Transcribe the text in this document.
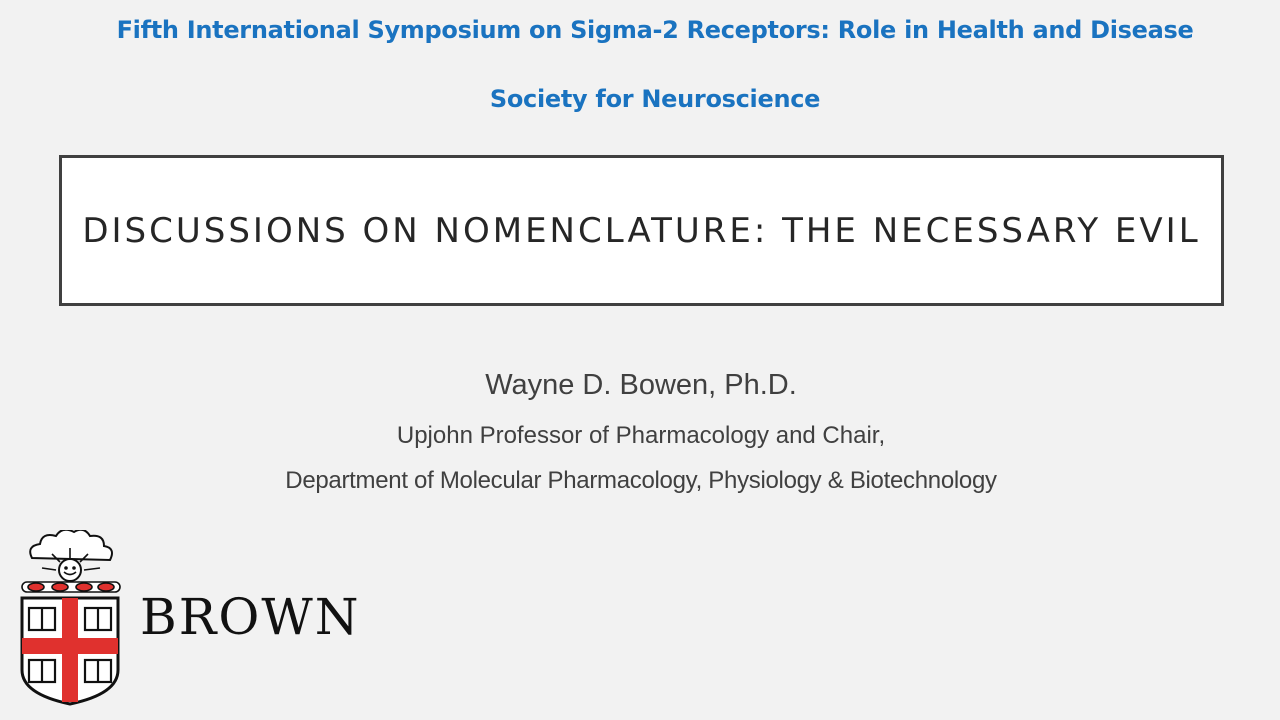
Fifth International Symposium on Sigma-2 Receptors: Role in Health and Disease
Society for Neuroscience
DISCUSSIONS ON NOMENCLATURE: THE NECESSARY EVIL
Wayne D. Bowen, Ph.D.
Upjohn Professor of Pharmacology and Chair,
Department of Molecular Pharmacology, Physiology & Biotechnology
BROWN
